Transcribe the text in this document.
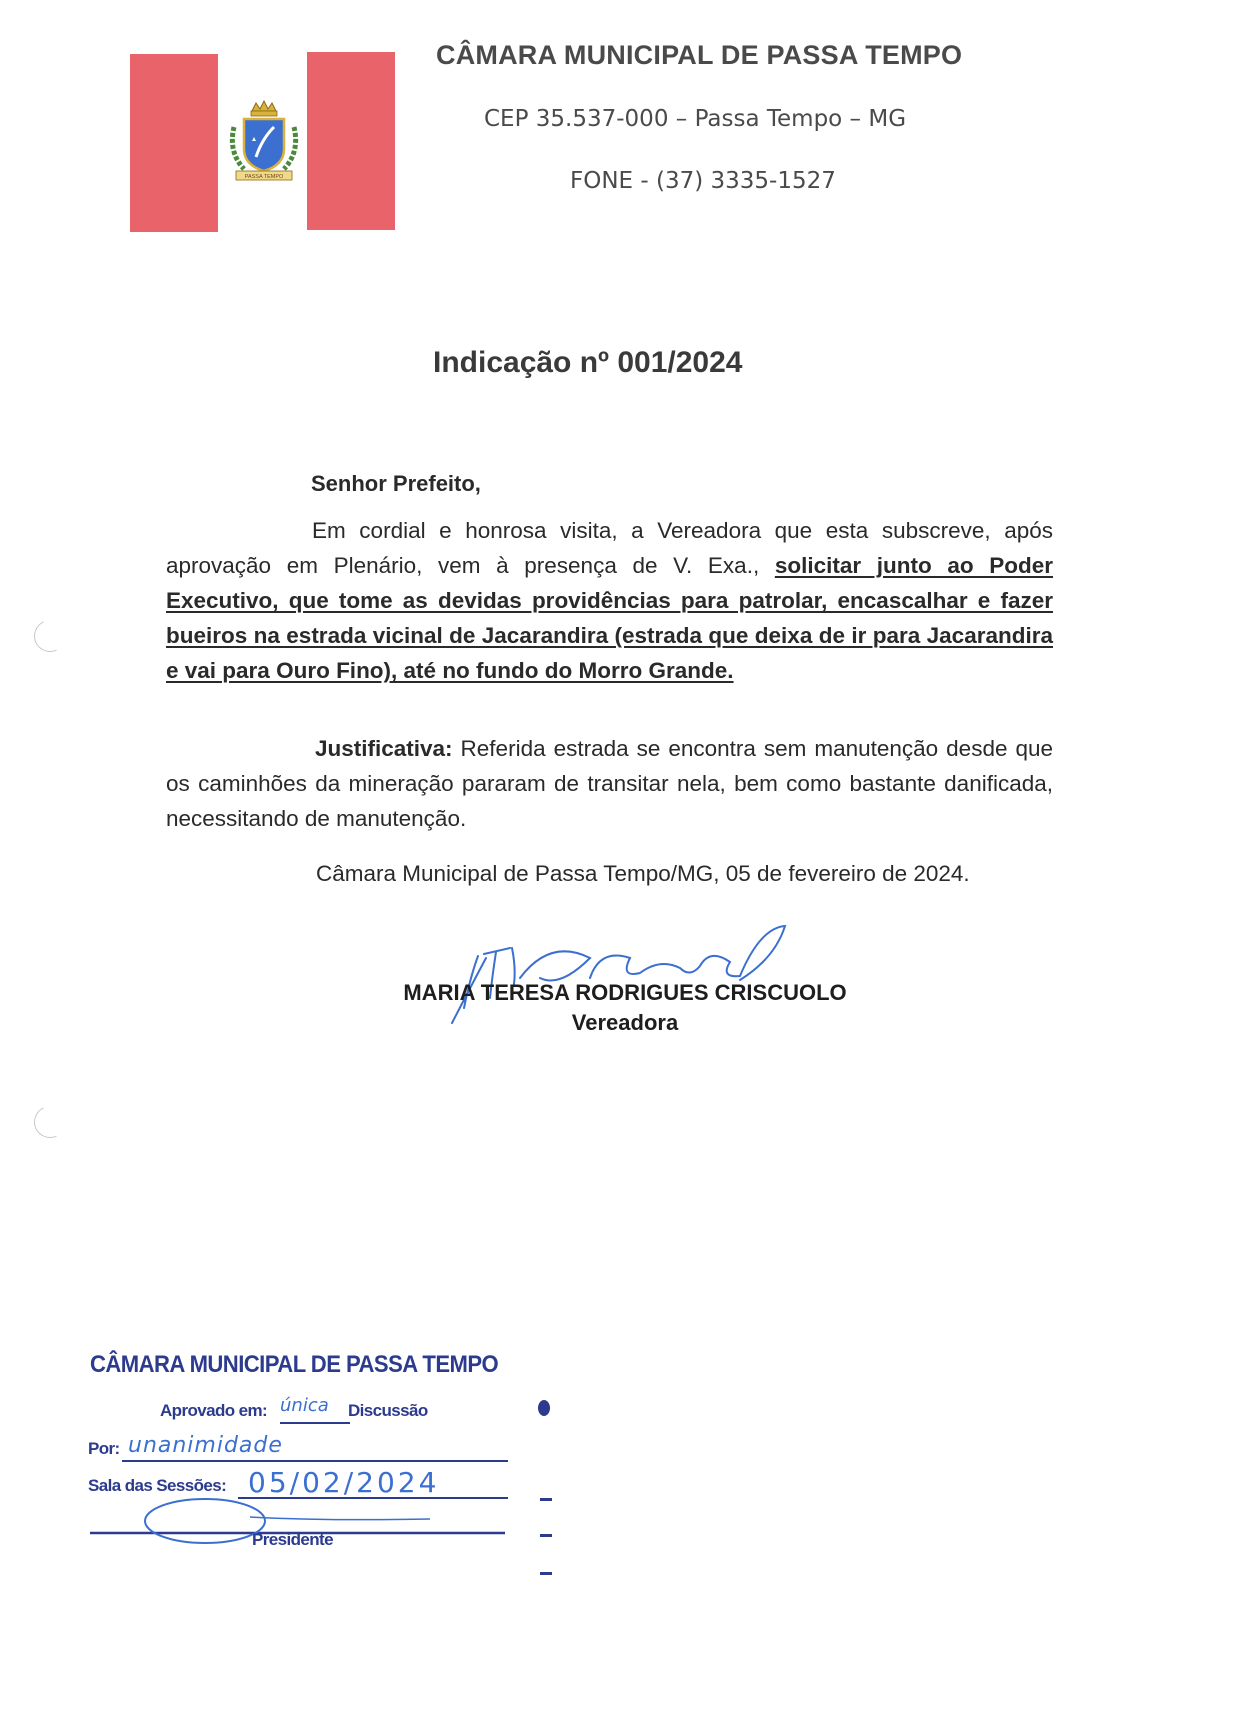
PASSA TEMPO
CÂMARA MUNICIPAL DE PASSA TEMPO
CEP 35.537-000 – Passa Tempo – MG
FONE - (37) 3335-1527
Indicação nº 001/2024
Senhor Prefeito,
Em cordial e honrosa visita, a Vereadora que esta subscreve, após aprovação em Plenário, vem à presença de V. Exa., solicitar junto ao Poder Executivo, que tome as devidas providências para patrolar, encascalhar e fazer bueiros na estrada vicinal de Jacarandira (estrada que deixa de ir para Jacarandira e vai para Ouro Fino), até no fundo do Morro Grande.
Justificativa: Referida estrada se encontra sem manutenção desde que os caminhões da mineração pararam de transitar nela, bem como bastante danificada, necessitando de manutenção.
Câmara Municipal de Passa Tempo/MG, 05 de fevereiro de 2024.
MARIA TERESA RODRIGUES CRISCUOLO
Vereadora
CÂMARA MUNICIPAL DE PASSA TEMPO
Aprovado em: única Discussão
Por: unanimidade
Sala das Sessões: 05/02/2024
Presidente
